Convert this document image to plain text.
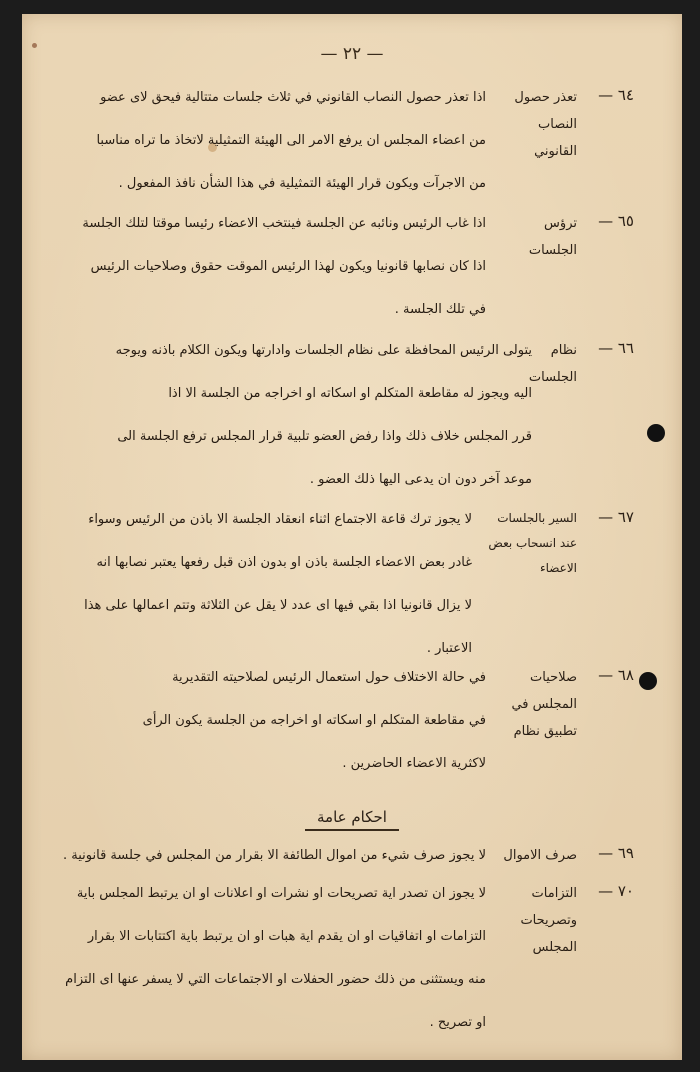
— ٢٢ —
٦٤ —
تعذر حصول النصاب القانوني
اذا تعذر حصول النصاب القانوني في ثلاث جلسات متتالية فيحق لاى عضو
من اعضاء المجلس ان يرفع الامر الى الهيئة التمثيلية لاتخاذ ما تراه مناسبا
من الاجرآت ويكون قرار الهيئة التمثيلية في هذا الشأن نافذ المفعول .
٦٥ —
ترؤس الجلسات
اذا غاب الرئيس ونائبه عن الجلسة فينتخب الاعضاء رئيسا موقتا لتلك الجلسة
اذا كان نصابها قانونيا ويكون لهذا الرئيس الموقت حقوق وصلاحيات الرئيس
في تلك الجلسة .
٦٦ —
نظام الجلسات
يتولى الرئيس المحافظة على نظام الجلسات وادارتها ويكون الكلام باذنه ويوجه
اليه ويجوز له مقاطعة المتكلم او اسكاته او اخراجه من الجلسة الا اذا
قرر المجلس خلاف ذلك واذا رفض العضو تلبية قرار المجلس ترفع الجلسة الى
موعد آخر دون ان يدعى اليها ذلك العضو .
٦٧ —
السير بالجلسات عند انسحاب بعض الاعضاء
لا يجوز ترك قاعة الاجتماع اثناء انعقاد الجلسة الا باذن من الرئيس وسواء
غادر بعض الاعضاء الجلسة باذن او بدون اذن قبل رفعها يعتبر نصابها انه
لا يزال قانونيا اذا بقي فيها اى عدد لا يقل عن الثلاثة وتتم اعمالها على هذا
الاعتبار .
٦٨ —
صلاحيات المجلس في تطبيق نظام
في حالة الاختلاف حول استعمال الرئيس لصلاحيته التقديرية
في مقاطعة المتكلم او اسكاته او اخراجه من الجلسة يكون الرأى
لاكثرية الاعضاء الحاضرين .
احكام عامة
٦٩ —
صرف الاموال
لا يجوز صرف شيء من اموال الطائفة الا بقرار من المجلس في جلسة قانونية .
٧٠ —
التزامات وتصريحات المجلس
لا يجوز ان تصدر اية تصريحات او نشرات او اعلانات او ان يرتبط المجلس باية
التزامات او اتفاقيات او ان يقدم اية هبات او ان يرتبط باية اكتتابات الا بقرار
منه ويستثنى من ذلك حضور الحفلات او الاجتماعات التي لا يسفر عنها اى التزام
او تصريح .
